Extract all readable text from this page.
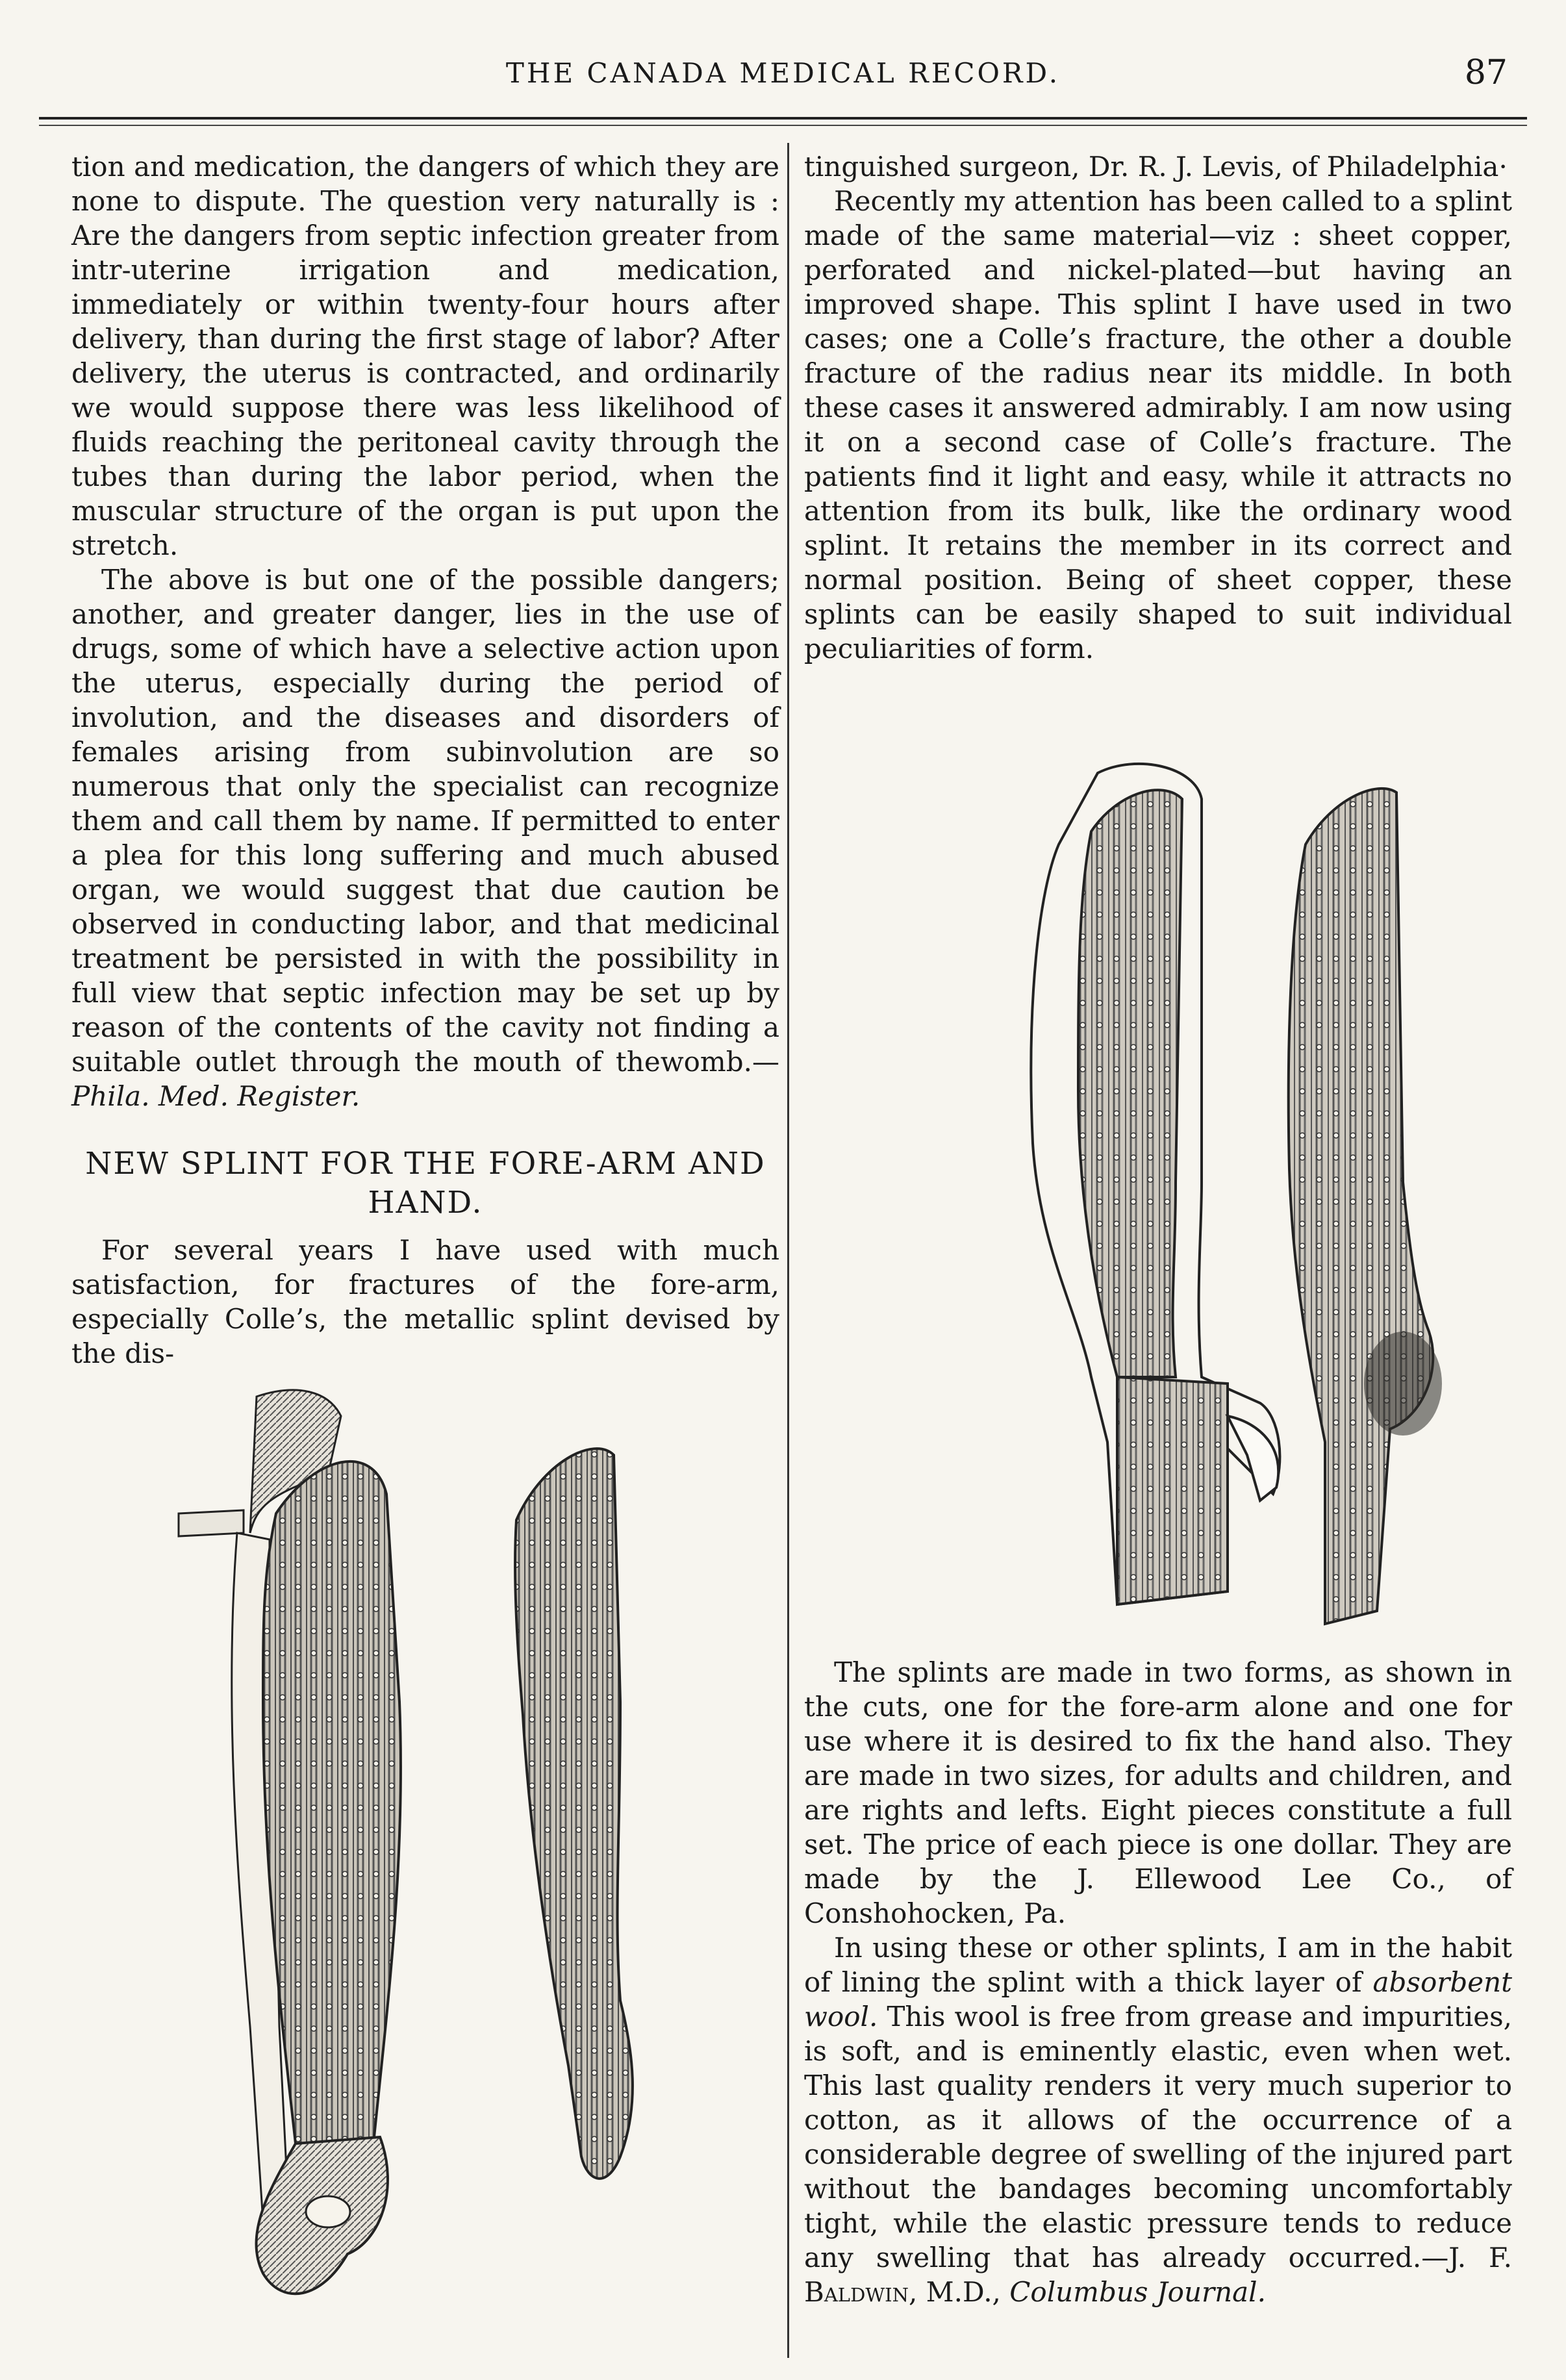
THE CANADA MEDICAL RECORD.	87

tion and medication, the dangers of which they are none to dispute. The question very naturally is : Are the dangers from septic infection greater from intr-uterine irrigation and medication, immediately or within twenty-four hours after delivery, than during the first stage of labor? After delivery, the uterus is contracted, and ordinarily we would suppose there was less likelihood of fluids reaching the peritoneal cavity through the tubes than during the labor period, when the muscular structure of the organ is put upon the stretch.

The above is but one of the possible dangers; another, and greater danger, lies in the use of drugs, some of which have a selective action upon the uterus, especially during the period of involution, and the diseases and disorders of females arising from subinvolution are so numerous that only the specialist can recognize them and call them by name. If permitted to enter a plea for this long suffering and much abused organ, we would suggest that due caution be observed in conducting labor, and that medicinal treatment be persisted in with the possibility in full view that septic infection may be set up by reason of the contents of the cavity not finding a suitable outlet through the mouth of thewomb.—Phila. Med. Register.

NEW SPLINT FOR THE FORE-ARM AND HAND.

For several years I have used with much satisfaction, for fractures of the fore-arm, especially Colle’s, the metallic splint devised by the dis-

tinguished surgeon, Dr. R. J. Levis, of Philadelphia·

Recently my attention has been called to a splint made of the same material—viz : sheet copper, perforated and nickel-plated—but having an improved shape. This splint I have used in two cases; one a Colle’s fracture, the other a double fracture of the radius near its middle. In both these cases it answered admirably. I am now using it on a second case of Colle’s fracture. The patients find it light and easy, while it attracts no attention from its bulk, like the ordinary wood splint. It retains the member in its correct and normal position. Being of sheet copper, these splints can be easily shaped to suit individual peculiarities of form.

The splints are made in two forms, as shown in the cuts, one for the fore-arm alone and one for use where it is desired to fix the hand also. They are made in two sizes, for adults and children, and are rights and lefts. Eight pieces constitute a full set. The price of each piece is one dollar. They are made by the J. Ellewood Lee Co., of Conshohocken, Pa.

In using these or other splints, I am in the habit of lining the splint with a thick layer of absorbent wool. This wool is free from grease and impurities, is soft, and is eminently elastic, even when wet. This last quality renders it very much superior to cotton, as it allows of the occurrence of a considerable degree of swelling of the injured part without the bandages becoming uncomfortably tight, while the elastic pressure tends to reduce any swelling that has already occurred.—J. F. Baldwin, M.D., Columbus Journal.
